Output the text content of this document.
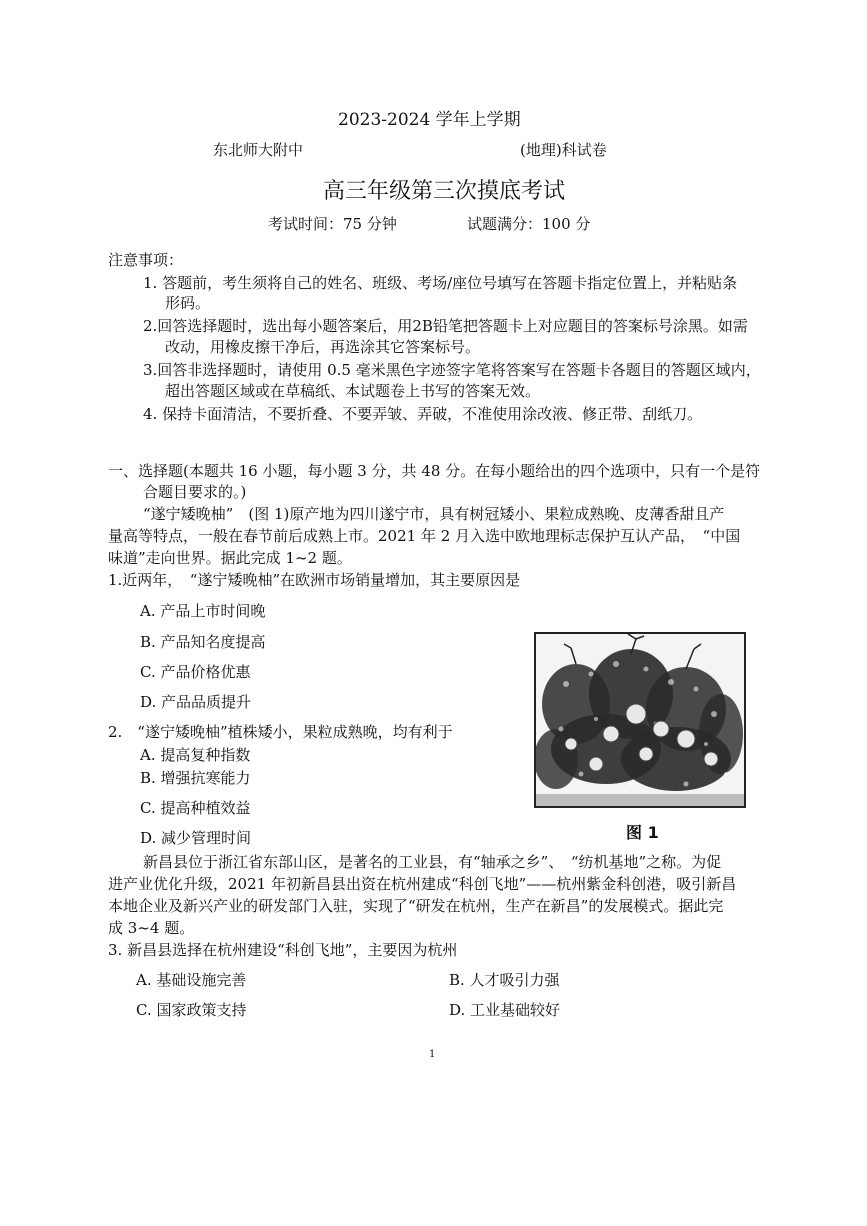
2023-2024 学年上学期
东北师大附中	(地理)科试卷
高三年级第三次摸底考试
考试时间：75 分钟	试题满分：100 分
注意事项：
1. 答题前，考生须将自己的姓名、班级、考场/座位号填写在答题卡指定位置上，并粘贴条
形码。
2.回答选择题时，选出每小题答案后，用2B铅笔把答题卡上对应题目的答案标号涂黑。如需
改动，用橡皮擦干净后，再选涂其它答案标号。
3.回答非选择题时，请使用 0.5 毫米黑色字迹签字笔将答案写在答题卡各题目的答题区域内，
超出答题区域或在草稿纸、本试题卷上书写的答案无效。
4. 保持卡面清洁，不要折叠、不要弄皱、弄破，不准使用涂改液、修正带、刮纸刀。
一、选择题(本题共 16 小题，每小题 3 分，共 48 分。在每小题给出的四个选项中，只有一个是符
合题目要求的。)
“遂宁矮晚柚”　(图 1)原产地为四川遂宁市，具有树冠矮小、果粒成熟晚、皮薄香甜且产
量高等特点，一般在春节前后成熟上市。2021 年 2 月入选中欧地理标志保护互认产品，　“中国
味道”走向世界。据此完成 1~2 题。
1.近两年，　“遂宁矮晚柚”在欧洲市场销量增加，其主要原因是
A. 产品上市时间晚
B. 产品知名度提高
C. 产品价格优惠
D. 产品品质提升
2.　“遂宁矮晚柚”植株矮小，果粒成熟晚，均有利于
A. 提高复种指数
B. 增强抗寒能力
C. 提高种植效益
D. 减少管理时间	图 1
新昌县位于浙江省东部山区，是著名的工业县，有“轴承之乡”、　“纺机基地”之称。为促
进产业优化升级，2021 年初新昌县出资在杭州建成“科创飞地”——杭州紫金科创港，吸引新昌
本地企业及新兴产业的研发部门入驻，实现了“研发在杭州，生产在新昌”的发展模式。据此完
成 3~4 题。
3. 新昌县选择在杭州建设“科创飞地”，主要因为杭州
A. 基础设施完善	B. 人才吸引力强
C. 国家政策支持	D. 工业基础较好
1
